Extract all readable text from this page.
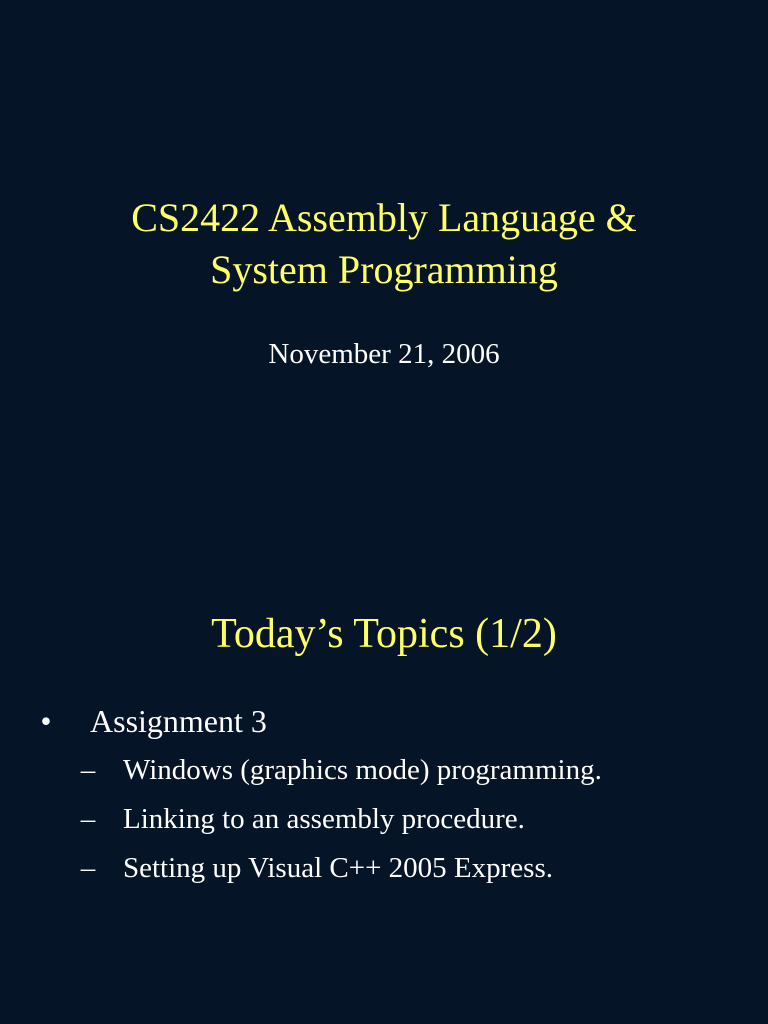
CS2422 Assembly Language &
System Programming
November 21, 2006
Today’s Topics (1/2)
• Assignment 3
– Windows (graphics mode) programming.
– Linking to an assembly procedure.
– Setting up Visual C++ 2005 Express.
